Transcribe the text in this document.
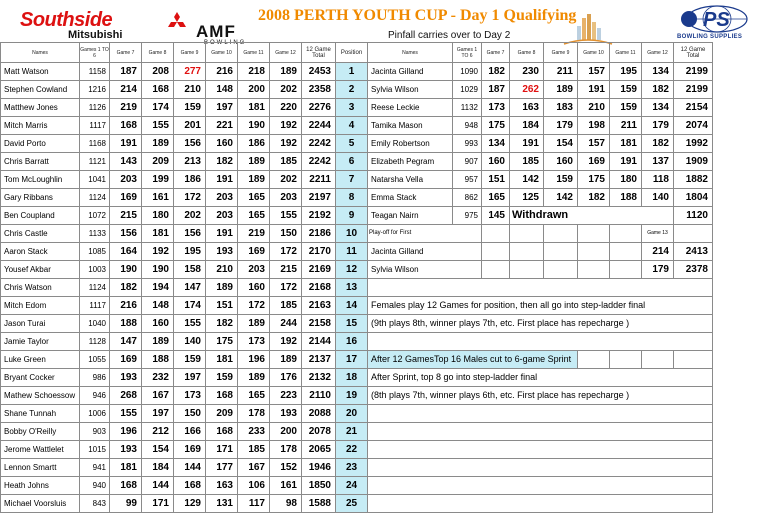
Southside
Mitsubishi	AMF
BOWLING
2008 PERTH YOUTH CUP - Day 1 Qualifying
Pinfall carries over to Day 2
PS
BOWLING SUPPLIES
Names	Games 1 TO 6	Game 7	Game 8	Game 9	Game 10	Game 11	Game 12	12 Game Total	Position	Names	Games 1 TO 6	Game 7	Game 8	Game 9	Game 10	Game 11	Game 12	12 Game Total
Matt Watson	1158	187	208	277	216	218	189	2453	1	Jacinta Gilland	1090	182	230	211	157	195	134	2199
Stephen Cowland	1216	214	168	210	148	200	202	2358	2	Sylvia Wilson	1029	187	262	189	191	159	182	2199
Matthew Jones	1126	219	174	159	197	181	220	2276	3	Reese Leckie	1132	173	163	183	210	159	134	2154
Mitch Marris	1117	168	155	201	221	190	192	2244	4	Tamika Mason	948	175	184	179	198	211	179	2074
David Porto	1168	191	189	156	160	186	192	2242	5	Emily Robertson	993	134	191	154	157	181	182	1992
Chris Barratt	1121	143	209	213	182	189	185	2242	6	Elizabeth Pegram	907	160	185	160	169	191	137	1909
Tom McLoughlin	1041	203	199	186	191	189	202	2211	7	Natarsha Vella	957	151	142	159	175	180	118	1882
Gary Ribbans	1124	169	161	172	203	165	203	2197	8	Emma Stack	862	165	125	142	182	188	140	1804
Ben Coupland	1072	215	180	202	203	165	155	2192	9	Teagan Nairn	975	145	Withdrawn					1120
Chris Castle	1133	156	181	156	191	219	150	2186	10	Play-off for First							Game 13	
Aaron Stack	1085	164	192	195	193	169	172	2170	11	Jacinta Gilland							214	2413
Yousef Akbar	1003	190	190	158	210	203	215	2169	12	Sylvia Wilson							179	2378
Chris Watson	1124	182	194	147	189	160	172	2168	13									
Mitch Edom	1117	216	148	174	151	172	185	2163	14	Females play 12 Games for position, then all go into step-ladder final								
Jason Turai	1040	188	160	155	182	189	244	2158	15	(9th plays 8th, winner plays 7th, etc. First place has repecharge )								
Jamie Taylor	1128	147	189	140	175	173	192	2144	16									
Luke Green	1055	169	188	159	181	196	189	2137	17	After 12 GamesTop 16 Males cut to 6-game Sprint								
Bryant Cocker	986	193	232	197	159	189	176	2132	18	After Sprint, top 8 go into step-ladder final								
Mathew Schoessow	946	268	167	173	168	165	223	2110	19	(8th plays 7th, winner plays 6th, etc. First place has repecharge )								
Shane Tunnah	1006	155	197	150	209	178	193	2088	20									
Bobby O'Reilly	903	196	212	166	168	233	200	2078	21									
Jerome Wattlelet	1015	193	154	169	171	185	178	2065	22									
Lennon Smartt	941	181	184	144	177	167	152	1946	23									
Heath Johns	940	168	144	168	163	106	161	1850	24									
Michael Voorsluis	843	99	171	129	131	117	98	1588	25									
